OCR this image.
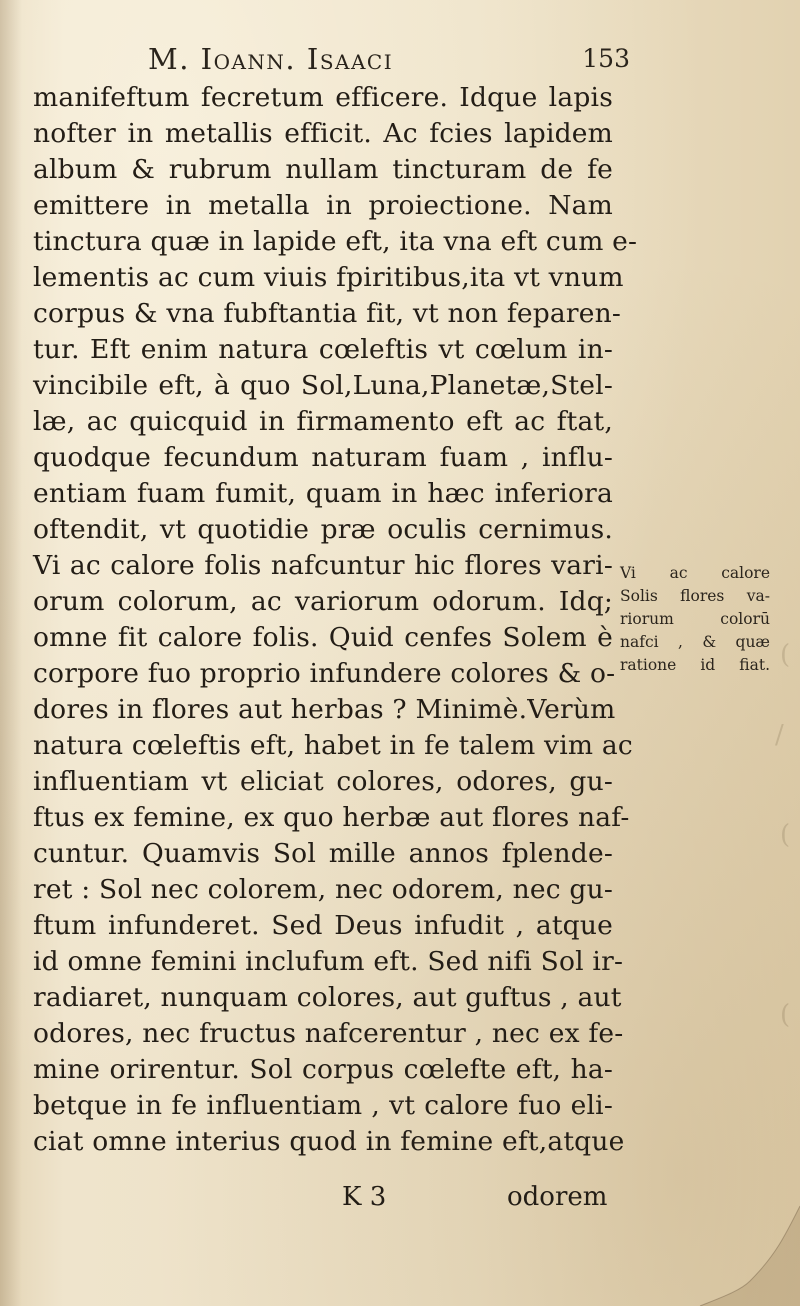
(
/
(
(
M. Ioann. Isaaci	153
manifeftum fecretum efficere. Idque lapis
nofter in metallis efficit. Ac fcies lapidem
album & rubrum nullam tincturam de fe
emittere in metalla in proiectione. Nam
tinctura quæ in lapide eft, ita vna eft cum e-
lementis ac cum viuis fpiritibus,ita vt vnum
corpus & vna fubftantia fit, vt non feparen-
tur. Eft enim natura cœleftis vt cœlum in-
vincibile eft, à quo Sol,Luna,Planetæ,Stel-
læ, ac quicquid in firmamento eft ac ftat,
quodque fecundum naturam fuam , influ-
entiam fuam fumit, quam in hæc inferiora
oftendit, vt quotidie præ oculis cernimus.
Vi ac calore folis nafcuntur hic flores vari-
orum colorum, ac variorum odorum. Idq;
omne fit calore folis. Quid cenfes Solem è
corpore fuo proprio infundere colores & o-
dores in flores aut herbas ? Minimè.Verùm
natura cœleftis eft, habet in fe talem vim ac
influentiam vt eliciat colores, odores, gu-
ftus ex femine, ex quo herbæ aut flores naf-
cuntur. Quamvis Sol mille annos fplende-
ret : Sol nec colorem, nec odorem, nec gu-
ftum infunderet. Sed Deus infudit , atque
id omne femini inclufum eft. Sed nifi Sol ir-
radiaret, nunquam colores, aut guftus , aut
odores, nec fructus nafcerentur , nec ex fe-
mine orirentur. Sol corpus cœlefte eft, ha-
betque in fe influentiam , vt calore fuo eli-
ciat omne interius quod in femine eft,atque
Vi ac calore
Solis flores va-
riorum colorū
nafci , & quæ
ratione id fiat.
K 3	odorem
